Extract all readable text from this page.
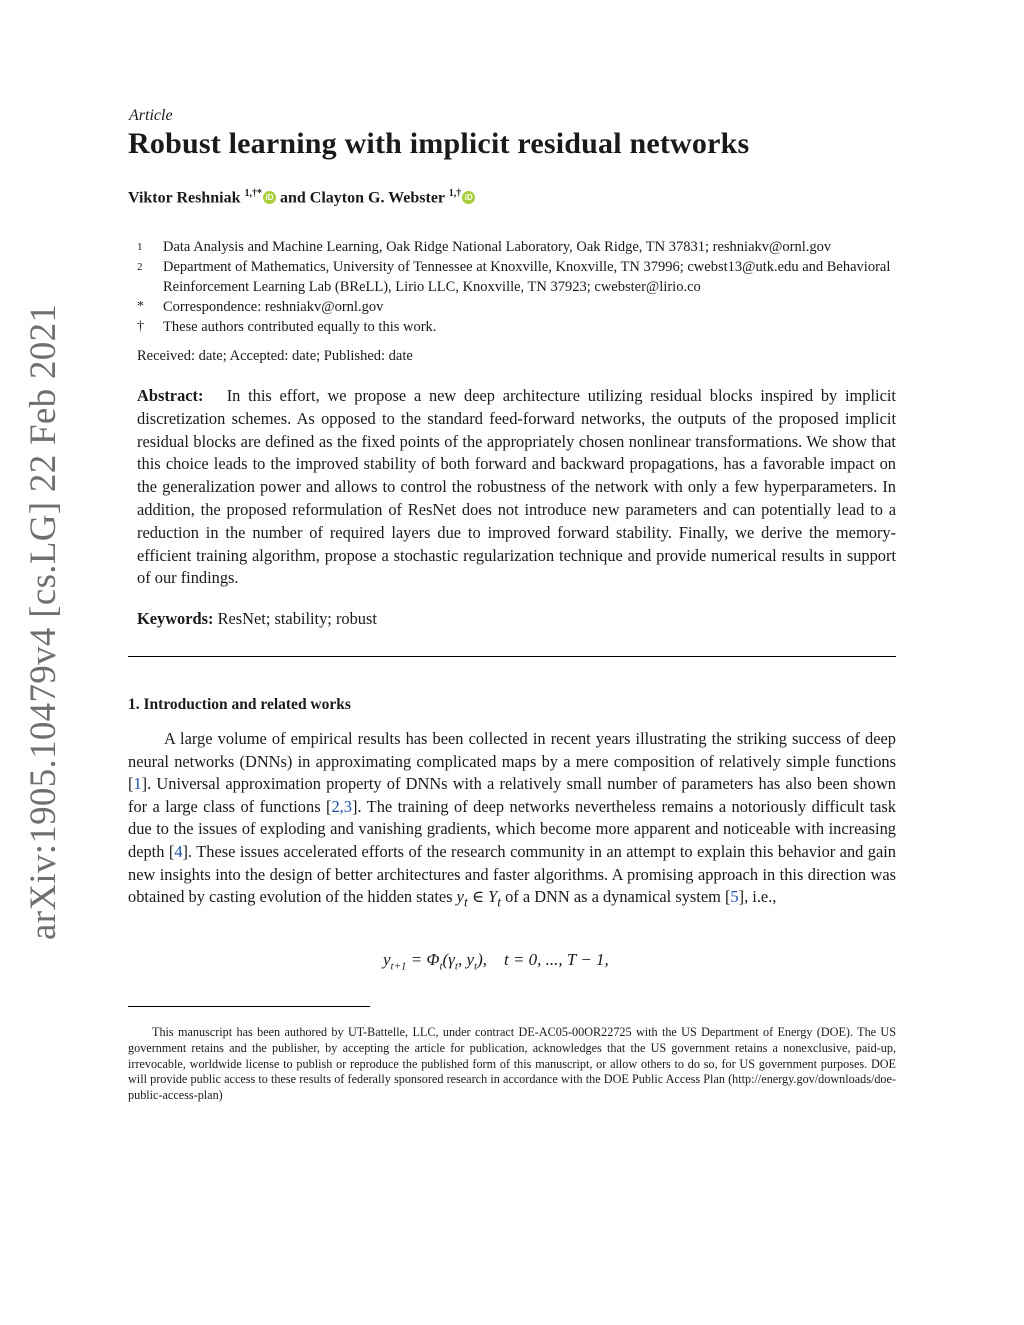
arXiv:1905.10479v4 [cs.LG] 22 Feb 2021
Article
Robust learning with implicit residual networks
Viktor Reshniak $^{1,\dagger*}$ iD and Clayton G. Webster $^{1,\dagger}$ iD
1	Data Analysis and Machine Learning, Oak Ridge National Laboratory, Oak Ridge, TN 37831; reshniakv@ornl.gov
2	Department of Mathematics, University of Tennessee at Knoxville, Knoxville, TN 37996; cwebst13@utk.edu and Behavioral Reinforcement Learning Lab (BReLL), Lirio LLC, Knoxville, TN 37923; cwebster@lirio.co
*	Correspondence: reshniakv@ornl.gov
†	These authors contributed equally to this work.
Received: date; Accepted: date; Published: date

Abstract: In this effort, we propose a new deep architecture utilizing residual blocks inspired by implicit discretization schemes. As opposed to the standard feed-forward networks, the outputs of the proposed implicit residual blocks are defined as the fixed points of the appropriately chosen nonlinear transformations. We show that this choice leads to the improved stability of both forward and backward propagations, has a favorable impact on the generalization power and allows to control the robustness of the network with only a few hyperparameters. In addition, the proposed reformulation of ResNet does not introduce new parameters and can potentially lead to a reduction in the number of required layers due to improved forward stability. Finally, we derive the memory-efficient training algorithm, propose a stochastic regularization technique and provide numerical results in support of our findings.

Keywords: ResNet; stability; robust
1. Introduction and related works

A large volume of empirical results has been collected in recent years illustrating the striking success of deep neural networks (DNNs) in approximating complicated maps by a mere composition of relatively simple functions [1]. Universal approximation property of DNNs with a relatively small number of parameters has also been shown for a large class of functions [2,3]. The training of deep networks nevertheless remains a notoriously difficult task due to the issues of exploding and vanishing gradients, which become more apparent and noticeable with increasing depth [4]. These issues accelerated efforts of the research community in an attempt to explain this behavior and gain new insights into the design of better architectures and faster algorithms. A promising approach in this direction was obtained by casting evolution of the hidden states $y_t$ ∈ $Y_t$ of a DNN as a dynamical system [5], i.e.,

$y_{t+1} = \Phi_t(\gamma_t$, $y_t$), t = 0, ..., T − 1,

This manuscript has been authored by UT-Battelle, LLC, under contract DE-AC05-00OR22725 with the US Department of Energy (DOE). The US government retains and the publisher, by accepting the article for publication, acknowledges that the US government retains a nonexclusive, paid-up, irrevocable, worldwide license to publish or reproduce the published form of this manuscript, or allow others to do so, for US government purposes. DOE will provide public access to these results of federally sponsored research in accordance with the DOE Public Access Plan (http://energy.gov/downloads/doe-public-access-plan)
